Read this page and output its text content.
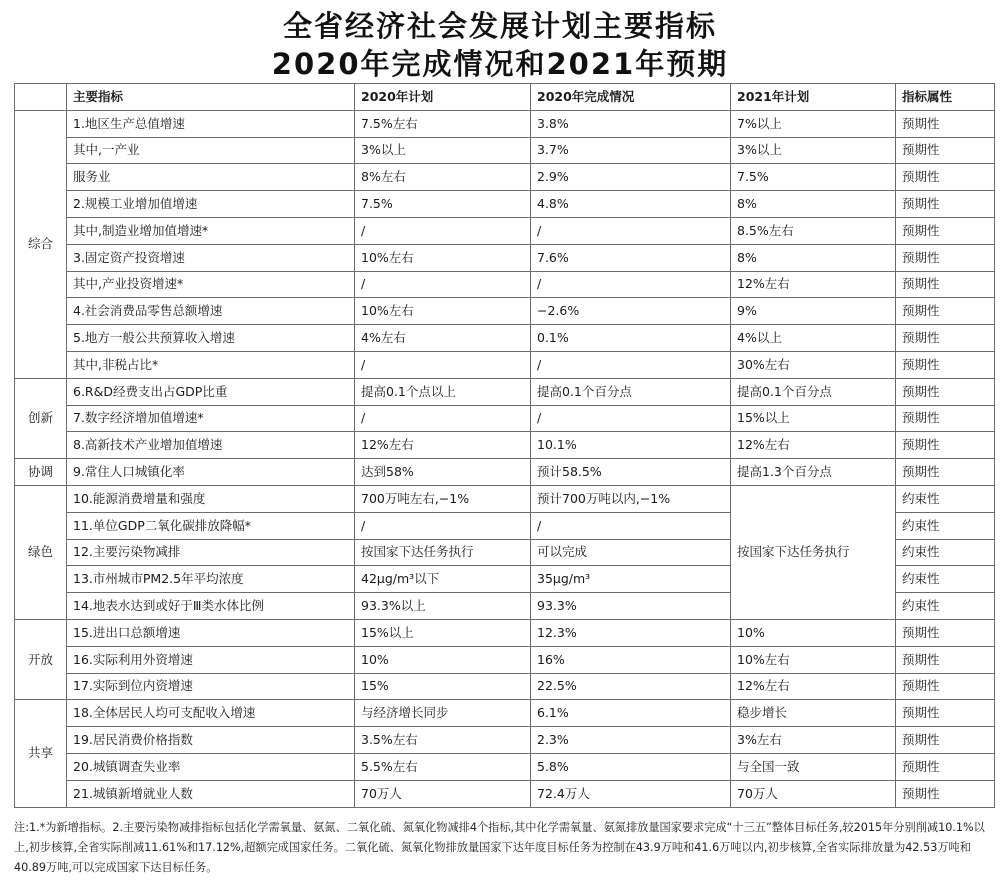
全省经济社会发展计划主要指标
2020年完成情况和2021年预期
	主要指标	2020年计划	2020年完成情况	2021年计划	指标属性
综合	1.地区生产总值增速	7.5%左右	3.8%	7%以上	预期性
	其中,一产业	3%以上	3.7%	3%以上	预期性
	服务业	8%左右	2.9%	7.5%	预期性
	2.规模工业增加值增速	7.5%	4.8%	8%	预期性
	其中,制造业增加值增速*	/	/	8.5%左右	预期性
	3.固定资产投资增速	10%左右	7.6%	8%	预期性
	其中,产业投资增速*	/	/	12%左右	预期性
	4.社会消费品零售总额增速	10%左右	−2.6%	9%	预期性
	5.地方一般公共预算收入增速	4%左右	0.1%	4%以上	预期性
	其中,非税占比*	/	/	30%左右	预期性
创新	6.R&D经费支出占GDP比重	提高0.1个点以上	提高0.1个百分点	提高0.1个百分点	预期性
	7.数字经济增加值增速*	/	/	15%以上	预期性
	8.高新技术产业增加值增速	12%左右	10.1%	12%左右	预期性
协调	9.常住人口城镇化率	达到58%	预计58.5%	提高1.3个百分点	预期性
绿色	10.能源消费增量和强度	700万吨左右,−1%	预计700万吨以内,−1%	按国家下达任务执行	约束性
	11.单位GDP二氧化碳排放降幅*	/	/		约束性
	12.主要污染物减排	按国家下达任务执行	可以完成		约束性
	13.市州城市PM2.5年平均浓度	42μg/m³以下	35μg/m³		约束性
	14.地表水达到或好于Ⅲ类水体比例	93.3%以上	93.3%		约束性
开放	15.进出口总额增速	15%以上	12.3%	10%	预期性
	16.实际利用外资增速	10%	16%	10%左右	预期性
	17.实际到位内资增速	15%	22.5%	12%左右	预期性
共享	18.全体居民人均可支配收入增速	与经济增长同步	6.1%	稳步增长	预期性
	19.居民消费价格指数	3.5%左右	2.3%	3%左右	预期性
	20.城镇调查失业率	5.5%左右	5.8%	与全国一致	预期性
	21.城镇新增就业人数	70万人	72.4万人	70万人	预期性
注:1.*为新增指标。2.主要污染物减排指标包括化学需氧量、氨氮、二氧化硫、氮氧化物减排4个指标,其中化学需氧量、氨氮排放量国家要求完成“十三五”整体目标任务,较2015年分别削减10.1%以上,初步核算,全省实际削减11.61%和17.12%,超额完成国家任务。二氧化硫、氮氧化物排放量国家下达年度目标任务为控制在43.9万吨和41.6万吨以内,初步核算,全省实际排放量为42.53万吨和40.89万吨,可以完成国家下达目标任务。
